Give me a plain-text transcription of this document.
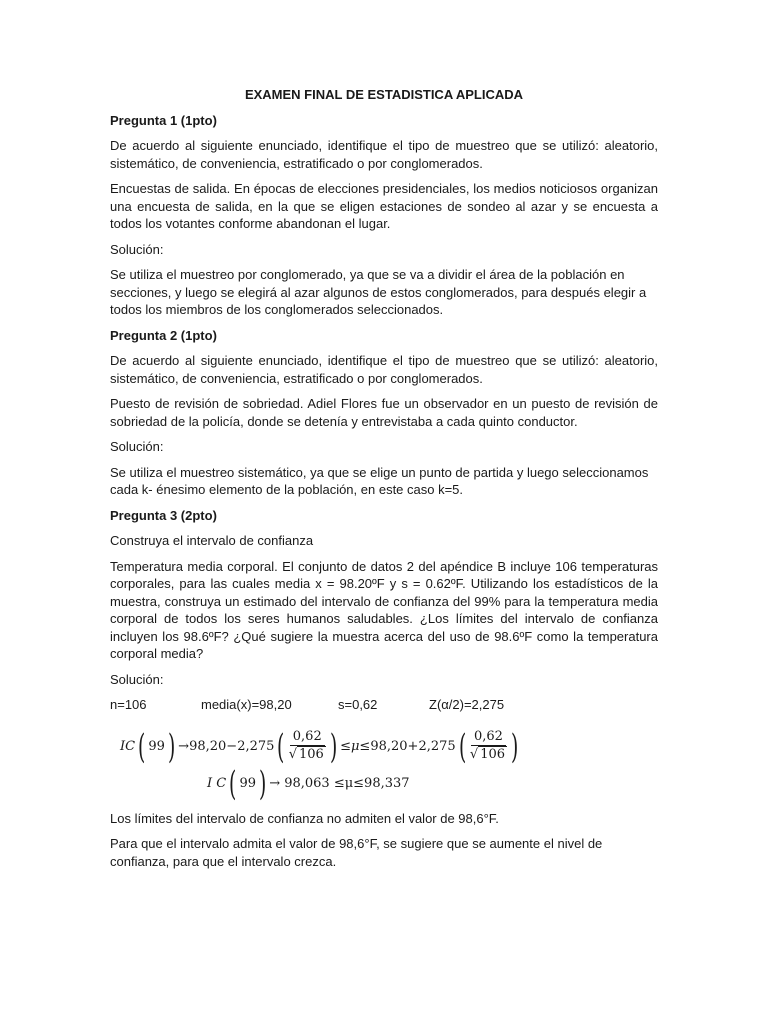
EXAMEN FINAL DE ESTADISTICA APLICADA

Pregunta 1 (1pto)

De acuerdo al siguiente enunciado, identifique el tipo de muestreo que se utilizó: aleatorio, sistemático, de conveniencia, estratificado o por conglomerados.

Encuestas de salida. En épocas de elecciones presidenciales, los medios noticiosos organizan una encuesta de salida, en la que se eligen estaciones de sondeo al azar y se encuesta a todos los votantes conforme abandonan el lugar.

Solución:

Se utiliza el muestreo por conglomerado, ya que se va a dividir el área de la población en secciones, y luego se elegirá al azar algunos de estos conglomerados, para después elegir a todos los miembros de los conglomerados seleccionados.

Pregunta 2 (1pto)

De acuerdo al siguiente enunciado, identifique el tipo de muestreo que se utilizó: aleatorio, sistemático, de conveniencia, estratificado o por conglomerados.

Puesto de revisión de sobriedad. Adiel Flores fue un observador en un puesto de revisión de sobriedad de la policía, donde se detenía y entrevistaba a cada quinto conductor.

Solución:

Se utiliza el muestreo sistemático, ya que se elige un punto de partida y luego seleccionamos cada k- énesimo elemento de la población, en este caso k=5.

Pregunta 3 (2pto)

Construya el intervalo de confianza

Temperatura media corporal. El conjunto de datos 2 del apéndice B incluye 106 temperaturas corporales, para las cuales media x = 98.20ºF y s = 0.62ºF. Utilizando los estadísticos de la muestra, construya un estimado del intervalo de confianza del 99% para la temperatura media corporal de todos los seres humanos saludables. ¿Los límites del intervalo de confianza incluyen los 98.6ºF? ¿Qué sugiere la muestra acerca del uso de 98.6ºF como la temperatura corporal media?

Solución:

n=106	media(x)=98,20	s=0,62	Z(α/2)=2,275
IC ( 99 ) → 98,20 − 2,275 ( $\frac{0,62}{√ 106}$ ) ≤μ≤ 98,20 + 2,275 ( $\frac{0,62}{√ 106}$ )
I C ( 99 ) → 98,063 ≤μ≤98,337

Los límites del intervalo de confianza no admiten el valor de 98,6°F.

Para que el intervalo admita el valor de 98,6°F, se sugiere que se aumente el nivel de confianza, para que el intervalo crezca.
